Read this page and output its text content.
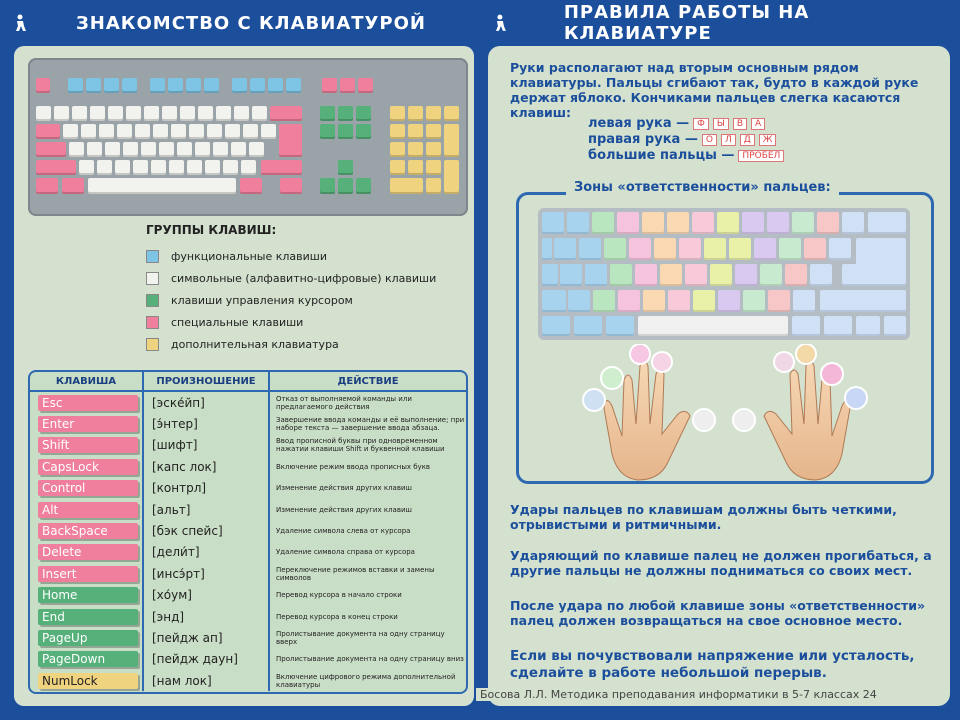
ЗНАКОМСТВО С КЛАВИАТУРОЙ	ПРАВИЛА РАБОТЫ НА КЛАВИАТУРЕ
ГРУППЫ КЛАВИШ:
функциональные клавиши
символьные (алфавитно-цифровые) клавиши
клавиши управления курсором
специальные клавиши
дополнительная клавиатура
КЛАВИША	ПРОИЗНОШЕНИЕ	ДЕЙСТВИЕ
Esc	[эске́йп]	Отказ от выполняемой команды или предлагаемого действия
Enter	[э́нтер]	Завершение ввода команды и её выполнение; при наборе текста — завершение ввода абзаца.
Shift	[шифт]	Ввод прописной буквы при одновременном нажатии клавиши Shift и буквенной клавиши
CapsLock	[капс лок]	Включение режим ввода прописных букв
Control	[контрл]	Изменение действия других клавиш
Alt	[альт]	Изменение действия других клавиш
BackSpace	[бэк спейс]	Удаление символа слева от курсора
Delete	[дели́т]	Удаление символа справа от курсора
Insert	[инсэ́рт]	Переключение режимов вставки и замены символов
Home	[хо́ум]	Перевод курсора в начало строки
End	[энд]	Перевод курсора в конец строки
PageUp	[пейдж ап]	Пролистывание документа на одну страницу вверх
PageDown	[пейдж даун]	Пролистывание документа на одну страницу вниз
NumLock	[нам лок]	Включение цифрового режима дополнительной клавиатуры
Руки располагают над вторым основным рядом клавиатуры. Пальцы сгибают так, будто в каждой руке держат яблоко. Кончиками пальцев слегка касаются клавиш:
левая рука — Ф	Ы	В	А
правая рука — О	Л	Д	Ж
большие пальцы — ПРОБЕЛ
Зоны «ответственности» пальцев:
Удары пальцев по клавишам должны быть четкими, отрывистыми и ритмичными.
Ударяющий по клавише палец не должен прогибаться, а другие пальцы не должны подниматься со своих мест.
После удара по любой клавише зоны «ответственности» палец должен возвращаться на свое основное место.
Если вы почувствовали напряжение или усталость, сделайте в работе небольшой перерыв.
Босова Л.Л. Методика преподавания информатики в 5-7 классах 24
